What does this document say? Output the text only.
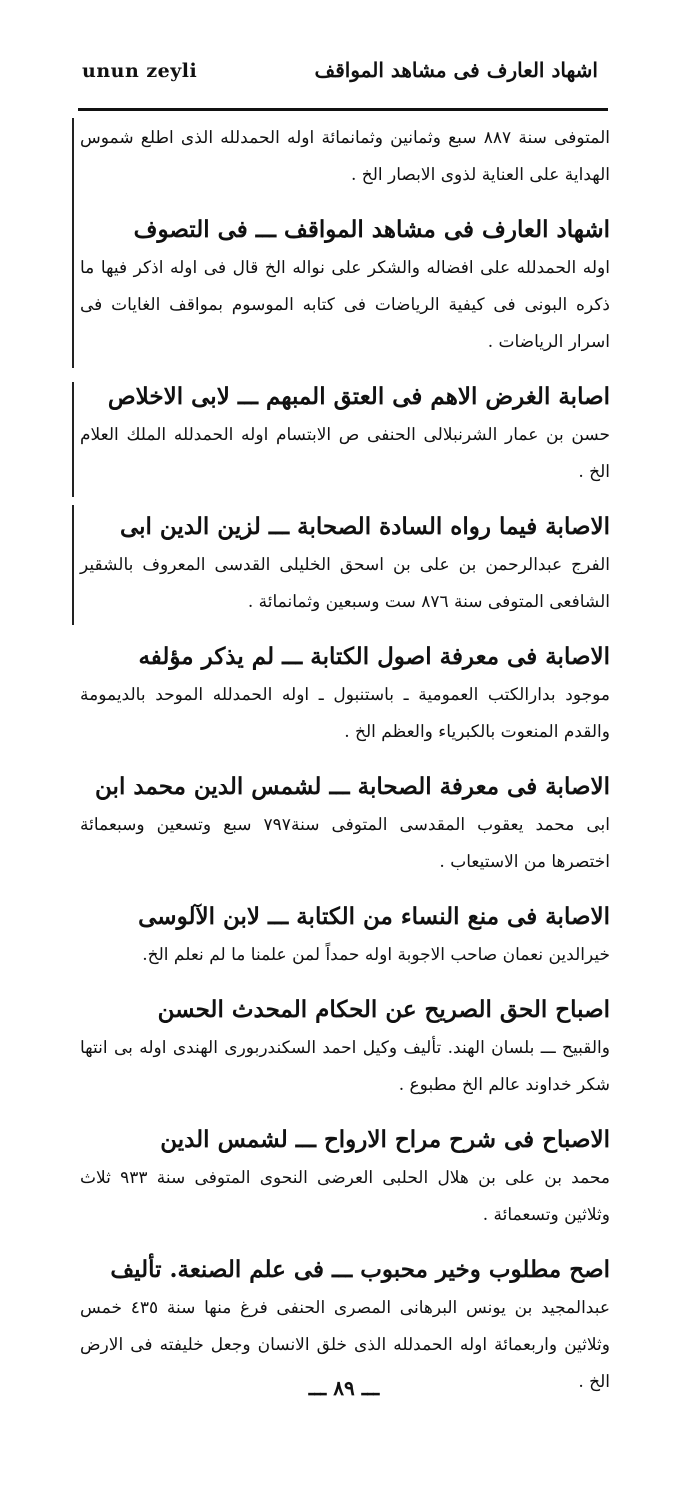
unun zeyli	اشهاد العارف فى مشاهد المواقف
المتوفى سنة ٨٨٧ سبع وثمانين وثمانمائة اوله الحمدلله الذى اطلع شموس الهداية على العناية لذوى الابصار الخ .
اشهاد العارف فى مشاهد المواقف ـــ فى التصوف
اوله الحمدلله على افضاله والشكر على نواله الخ قال فى اوله اذكر فيها ما ذكره البونى فى كيفية الرياضات فى كتابه الموسوم بمواقف الغايات فى اسرار الرياضات .
اصابة الغرض الاهم فى العتق المبهم ـــ لابى الاخلاص
حسن بن عمار الشرنبلالى الحنفى ص الابتسام اوله الحمدلله الملك العلام الخ .
الاصابة فيما رواه السادة الصحابة ـــ لزين الدين ابى
الفرج عبدالرحمن بن على بن اسحق الخليلى القدسى المعروف بالشقير الشافعى المتوفى سنة ٨٧٦ ست وسبعين وثمانمائة .
الاصابة فى معرفة اصول الكتابة ـــ لم يذكر مؤلفه
موجود بدارالكتب العمومية ـ باستنبول ـ اوله الحمدلله الموحد بالديمومة والقدم المنعوت بالكبرياء والعظم الخ .
الاصابة فى معرفة الصحابة ـــ لشمس الدين محمد ابن
ابى محمد يعقوب المقدسى المتوفى سنة٧٩٧ سبع وتسعين وسبعمائة اختصرها من الاستيعاب .
الاصابة فى منع النساء من الكتابة ـــ لابن الآلوسى
خيرالدين نعمان صاحب الاجوبة اوله حمداً لمن علمنا ما لم نعلم الخ.
اصباح الحق الصريح عن الحكام المحدث الحسن
والقبيح ـــ بلسان الهند. تأليف وكيل احمد السكندربورى الهندى اوله بى انتها شكر خداوند عالم الخ مطبوع .
الاصباح فى شرح مراح الارواح ـــ لشمس الدين
محمد بن على بن هلال الحلبى العرضى النحوى المتوفى سنة ٩٣٣ ثلاث وثلاثين وتسعمائة .
اصح مطلوب وخير محبوب ـــ فى علم الصنعة. تأليف
عبدالمجيد بن يونس البرهانى المصرى الحنفى فرغ منها سنة ٤٣٥ خمس وثلاثين واربعمائة اوله الحمدلله الذى خلق الانسان وجعل خليفته فى الارض الخ .
ـــ ٨٩ ـــ
